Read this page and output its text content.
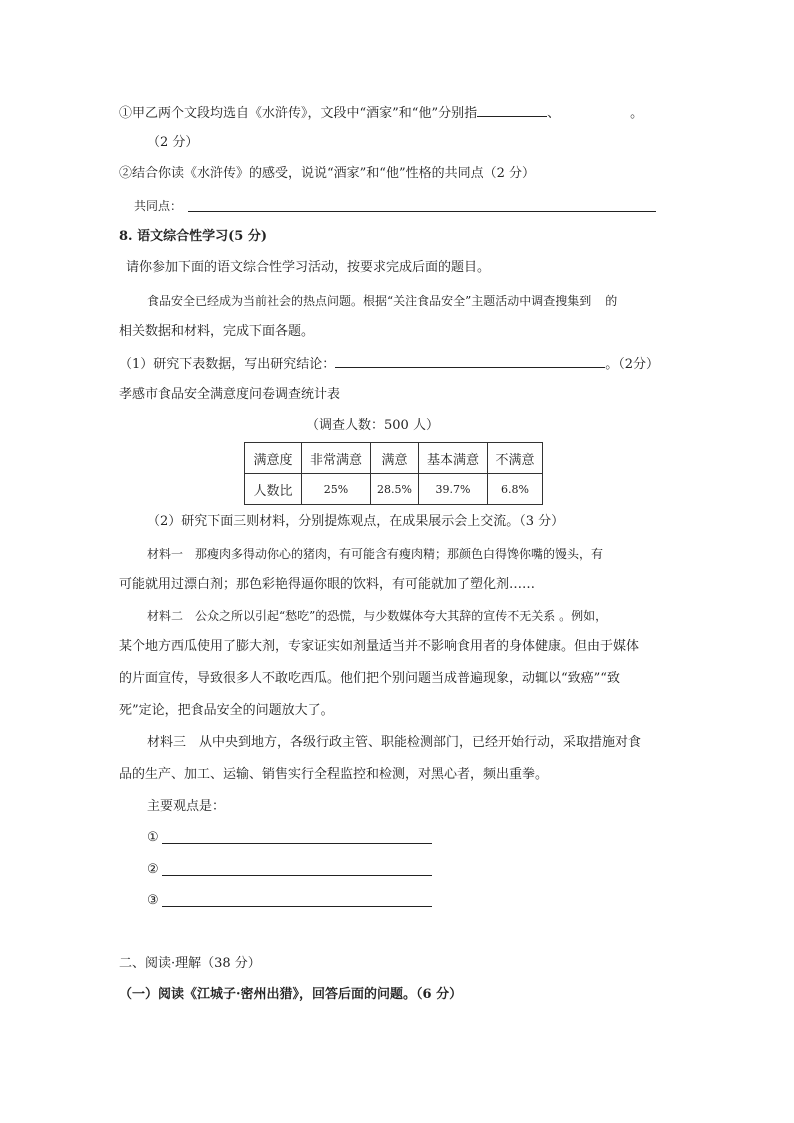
①甲乙两个文段均选自《水浒传》，文段中“酒家”和“他”分别指	、	。
（2 分）
②结合你读《水浒传》的感受，说说“酒家”和“他”性格的共同点（2 分）
共同点：
8. 语文综合性学习(5 分)
请你参加下面的语文综合性学习活动，按要求完成后面的题目。
食品安全已经成为当前社会的热点问题。根据“关注食品安全”主题活动中调查搜集到 的
相关数据和材料，完成下面各题。
（1）研究下表数据，写出研究结论：	。（2分）
孝感市食品安全满意度问卷调查统计表
（调查人数：500 人）
满意度	非常满意	满意	基本满意	不满意
人数比	25%	28.5%	39.7%	6.8%
（2）研究下面三则材料，分别提炼观点，在成果展示会上交流。（3 分）
材料一　那瘦肉多得动你心的猪肉，有可能含有瘦肉精；那颜色白得馋你嘴的馒头，有
可能就用过漂白剂；那色彩艳得逼你眼的饮料，有可能就加了塑化剂……
材料二　公众之所以引起“愁吃”的恐慌，与少数媒体夸大其辞的宣传不无关系 。例如，
某个地方西瓜使用了膨大剂，专家证实如剂量适当并不影响食用者的身体健康。但由于媒体
的片面宣传，导致很多人不敢吃西瓜。他们把个别问题当成普遍现象，动辄以“致癌”“致
死”定论，把食品安全的问题放大了。
材料三　从中央到地方，各级行政主管、职能检测部门，已经开始行动，采取措施对食
品的生产、加工、运输、销售实行全程监控和检测，对黑心者，频出重拳。
主要观点是：
①
②
③
二、阅读·理解（38 分）
（一）阅读《江城子·密州出猎》，回答后面的问题。（6 分）
